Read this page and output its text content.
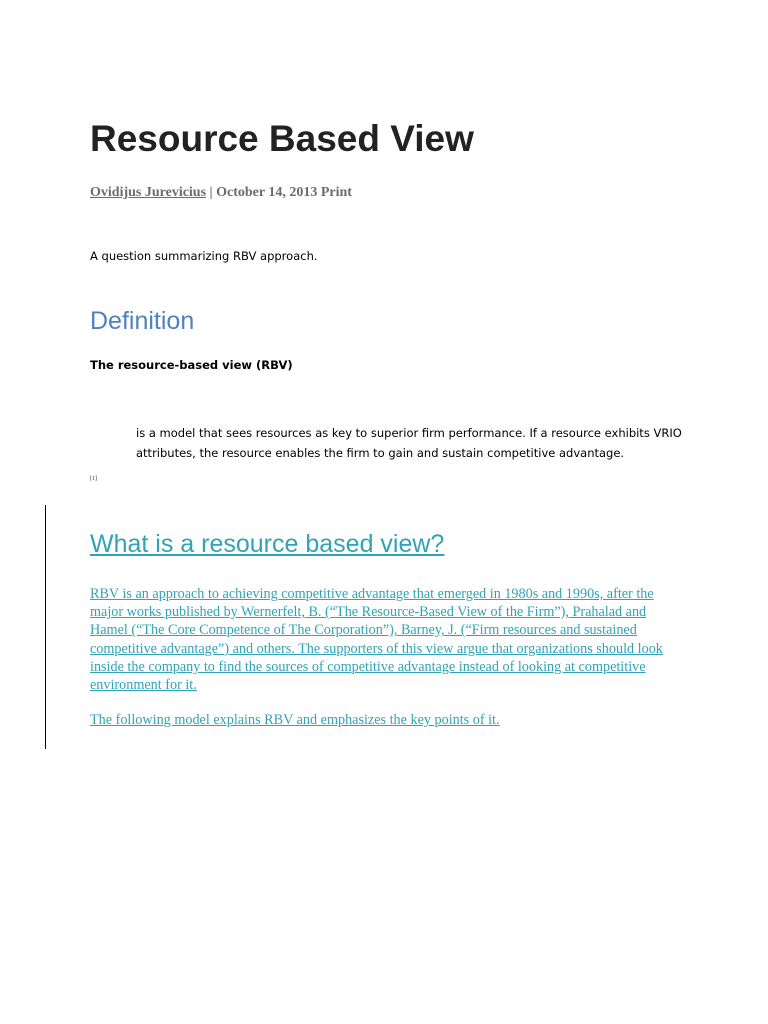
Resource Based View
Ovidijus Jurevicius | October 14, 2013 Print
A question summarizing RBV approach.
Definition
The resource-based view (RBV)
is a model that sees resources as key to superior firm performance. If a resource exhibits VRIO attributes, the resource enables the firm to gain and sustain competitive advantage.
[1]
What is a resource based view?
RBV is an approach to achieving competitive advantage that emerged in 1980s and 1990s, after the major works published by Wernerfelt, B. (“The Resource-Based View of the Firm”), Prahalad and Hamel (“The Core Competence of The Corporation”), Barney, J. (“Firm resources and sustained competitive advantage”) and others. The supporters of this view argue that organizations should look inside the company to find the sources of competitive advantage instead of looking at competitive environment for it.
The following model explains RBV and emphasizes the key points of it.
